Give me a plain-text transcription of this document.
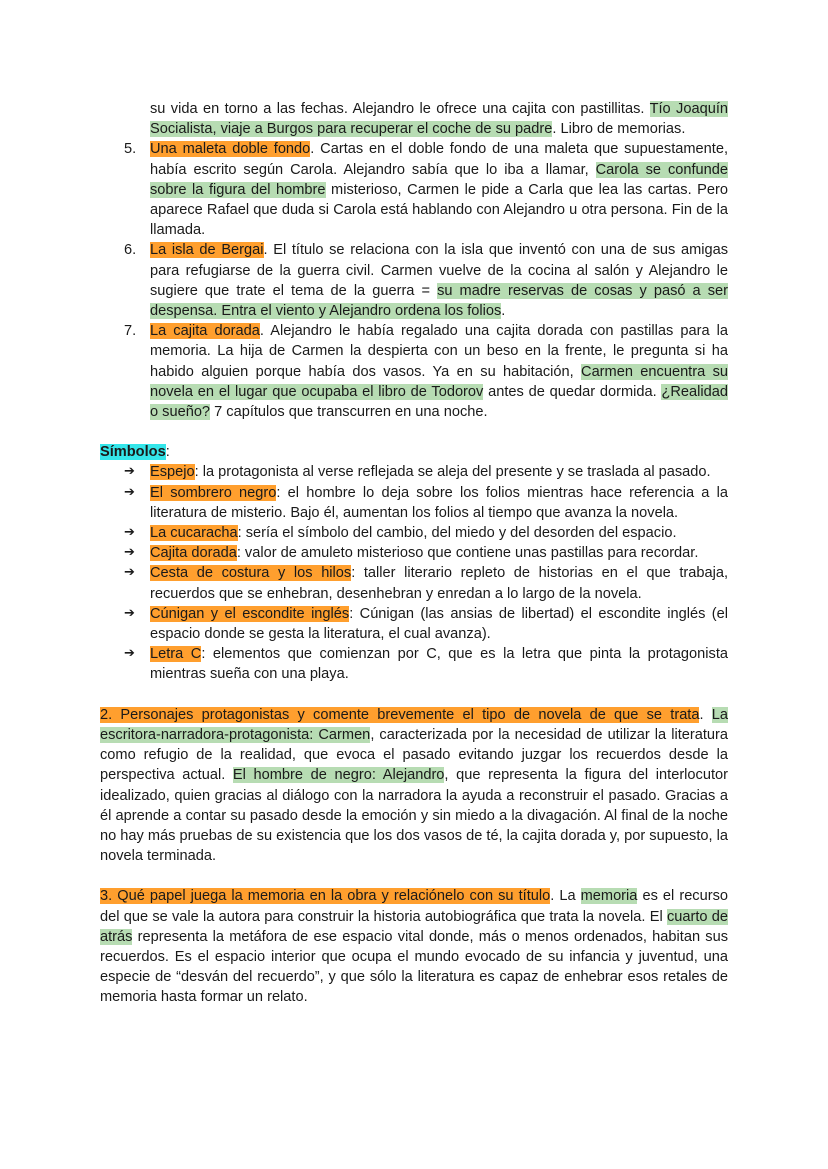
su vida en torno a las fechas. Alejandro le ofrece una cajita con pastillitas. Tío Joaquín Socialista, viaje a Burgos para recuperar el coche de su padre. Libro de memorias.
5. Una maleta doble fondo. Cartas en el doble fondo de una maleta que supuestamente, había escrito según Carola. Alejandro sabía que lo iba a llamar, Carola se confunde sobre la figura del hombre misterioso, Carmen le pide a Carla que lea las cartas. Pero aparece Rafael que duda si Carola está hablando con Alejandro u otra persona. Fin de la llamada.
6. La isla de Bergai. El título se relaciona con la isla que inventó con una de sus amigas para refugiarse de la guerra civil. Carmen vuelve de la cocina al salón y Alejandro le sugiere que trate el tema de la guerra = su madre reservas de cosas y pasó a ser despensa. Entra el viento y Alejandro ordena los folios.
7. La cajita dorada. Alejandro le había regalado una cajita dorada con pastillas para la memoria. La hija de Carmen la despierta con un beso en la frente, le pregunta si ha habido alguien porque había dos vasos. Ya en su habitación, Carmen encuentra su novela en el lugar que ocupaba el libro de Todorov antes de quedar dormida. ¿Realidad o sueño? 7 capítulos que transcurren en una noche.

Símbolos:

➔ Espejo: la protagonista al verse reflejada se aleja del presente y se traslada al pasado.
➔ El sombrero negro: el hombre lo deja sobre los folios mientras hace referencia a la literatura de misterio. Bajo él, aumentan los folios al tiempo que avanza la novela.
➔ La cucaracha: sería el símbolo del cambio, del miedo y del desorden del espacio.
➔ Cajita dorada: valor de amuleto misterioso que contiene unas pastillas para recordar.
➔ Cesta de costura y los hilos: taller literario repleto de historias en el que trabaja, recuerdos que se enhebran, desenhebran y enredan a lo largo de la novela.
➔ Cúnigan y el escondite inglés: Cúnigan (las ansias de libertad) el escondite inglés (el espacio donde se gesta la literatura, el cual avanza).
➔ Letra C: elementos que comienzan por C, que es la letra que pinta la protagonista mientras sueña con una playa.

2. Personajes protagonistas y comente brevemente el tipo de novela de que se trata. La escritora-narradora-protagonista: Carmen, caracterizada por la necesidad de utilizar la literatura como refugio de la realidad, que evoca el pasado evitando juzgar los recuerdos desde la perspectiva actual. El hombre de negro: Alejandro, que representa la figura del interlocutor idealizado, quien gracias al diálogo con la narradora la ayuda a reconstruir el pasado. Gracias a él aprende a contar su pasado desde la emoción y sin miedo a la divagación. Al final de la noche no hay más pruebas de su existencia que los dos vasos de té, la cajita dorada y, por supuesto, la novela terminada.

3. Qué papel juega la memoria en la obra y relaciónelo con su título. La memoria es el recurso del que se vale la autora para construir la historia autobiográfica que trata la novela. El cuarto de atrás representa la metáfora de ese espacio vital donde, más o menos ordenados, habitan sus recuerdos. Es el espacio interior que ocupa el mundo evocado de su infancia y juventud, una especie de “desván del recuerdo”, y que sólo la literatura es capaz de enhebrar esos retales de memoria hasta formar un relato.
